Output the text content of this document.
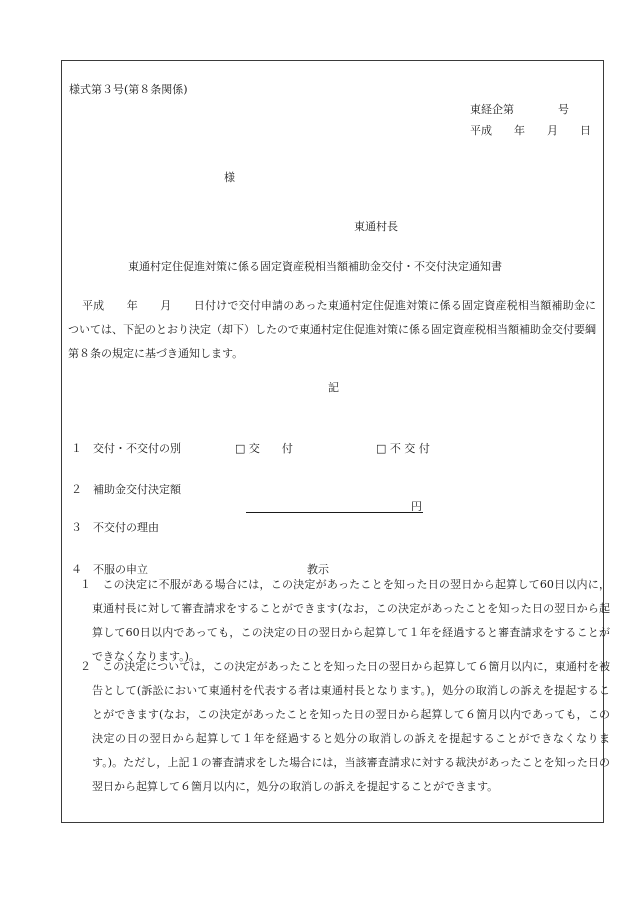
様式第３号(第８条関係)
東経企第　　　　号
平成　　年　　月　　日
様
東通村長
東通村定住促進対策に係る固定資産税相当額補助金交付・不交付決定通知書
平成　　年　　月　　日付けで交付申請のあった東通村定住促進対策に係る固定資産税相当額補助金については、下記のとおり決定（却下）したので東通村定住促進対策に係る固定資産税相当額補助金交付要綱第８条の規定に基づき通知します。
記
１　交付・不交付の別	□ 交　　付	□ 不 交 付
２　補助金交付決定額
円
３　不交付の理由
４　不服の申立	教示
１　この決定に不服がある場合には，この決定があったことを知った日の翌日から起算して60日以内に，東通村長に対して審査請求をすることができます(なお，この決定があったことを知った日の翌日から起算して60日以内であっても，この決定の日の翌日から起算して１年を経過すると審査請求をすることができなくなります。)。
２　この決定については，この決定があったことを知った日の翌日から起算して６箇月以内に，東通村を被告として(訴訟において東通村を代表する者は東通村長となります。)，処分の取消しの訴えを提起することができます(なお，この決定があったことを知った日の翌日から起算して６箇月以内であっても，この決定の日の翌日から起算して１年を経過すると処分の取消しの訴えを提起することができなくなります。)。ただし，上記１の審査請求をした場合には，当該審査請求に対する裁決があったことを知った日の翌日から起算して６箇月以内に，処分の取消しの訴えを提起することができます。
